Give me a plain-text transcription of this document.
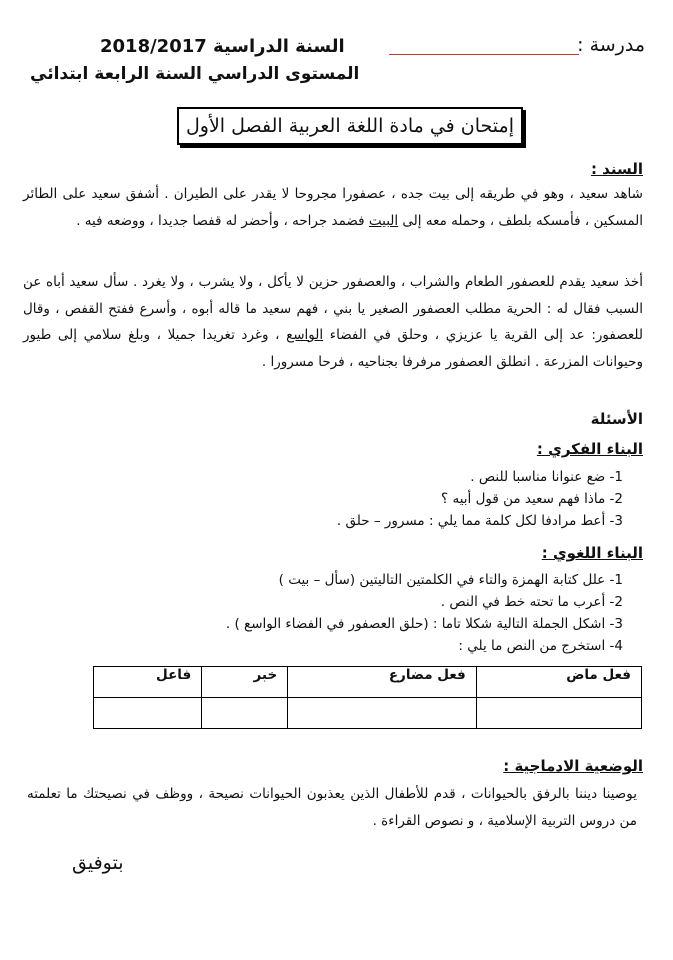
مدرسة :
السنة الدراسية 2018/2017
المستوى الدراسي السنة الرابعة ابتدائي
إمتحان في مادة اللغة العربية الفصل الأول
السند :
شاهد سعيد ، وهو في طريقه إلى بيت جده ، عصفورا مجروحا لا يقدر على الطيران . أشفق سعيد على الطائر المسكين ، فأمسكه بلطف ، وحمله معه إلى البيت فضمد جراحه ، وأحضر له قفصا جديدا ، ووضعه فيه .
أخذ سعيد يقدم للعصفور الطعام والشراب ، والعصفور حزين لا يأكل ، ولا يشرب ، ولا يغرد . سأل سعيد أباه عن السبب فقال له : الحرية مطلب العصفور الصغير يا بني ، فهم سعيد ما قاله أبوه ، وأسرع ففتح القفص ، وقال للعصفور: عد إلى القرية يا عزيزي ، وحلق في الفضاء الواسع ، وغرد تغريدا جميلا ، وبلغ سلامي إلى طيور وحيوانات المزرعة . انطلق العصفور مرفرفا بجناحيه ، فرحا مسرورا .
الأسئلة
البناء الفكري :
1- ضع عنوانا مناسبا للنص .
2- ماذا فهم سعيد من قول أبيه ؟
3- أعط مرادفا لكل كلمة مما يلي : مسرور – حلق .
البناء اللغوي :
1- علل كتابة الهمزة والتاء في الكلمتين التاليتين (سأل – بيت )
2- أعرب ما تحته خط في النص .
3- اشكل الجملة التالية شكلا تاما : (حلق العصفور في الفضاء الواسع ) .
4- استخرج من النص ما يلي :
فعل ماض	فعل مضارع	خبر	فاعل

الوضعية الادماجية :
يوصينا ديننا بالرفق بالحيوانات ، قدم للأطفال الذين يعذبون الحيوانات نصيحة ، ووظف في نصيحتك ما تعلمته من دروس التربية الإسلامية ، و نصوص القراءة .
بتوفيق
